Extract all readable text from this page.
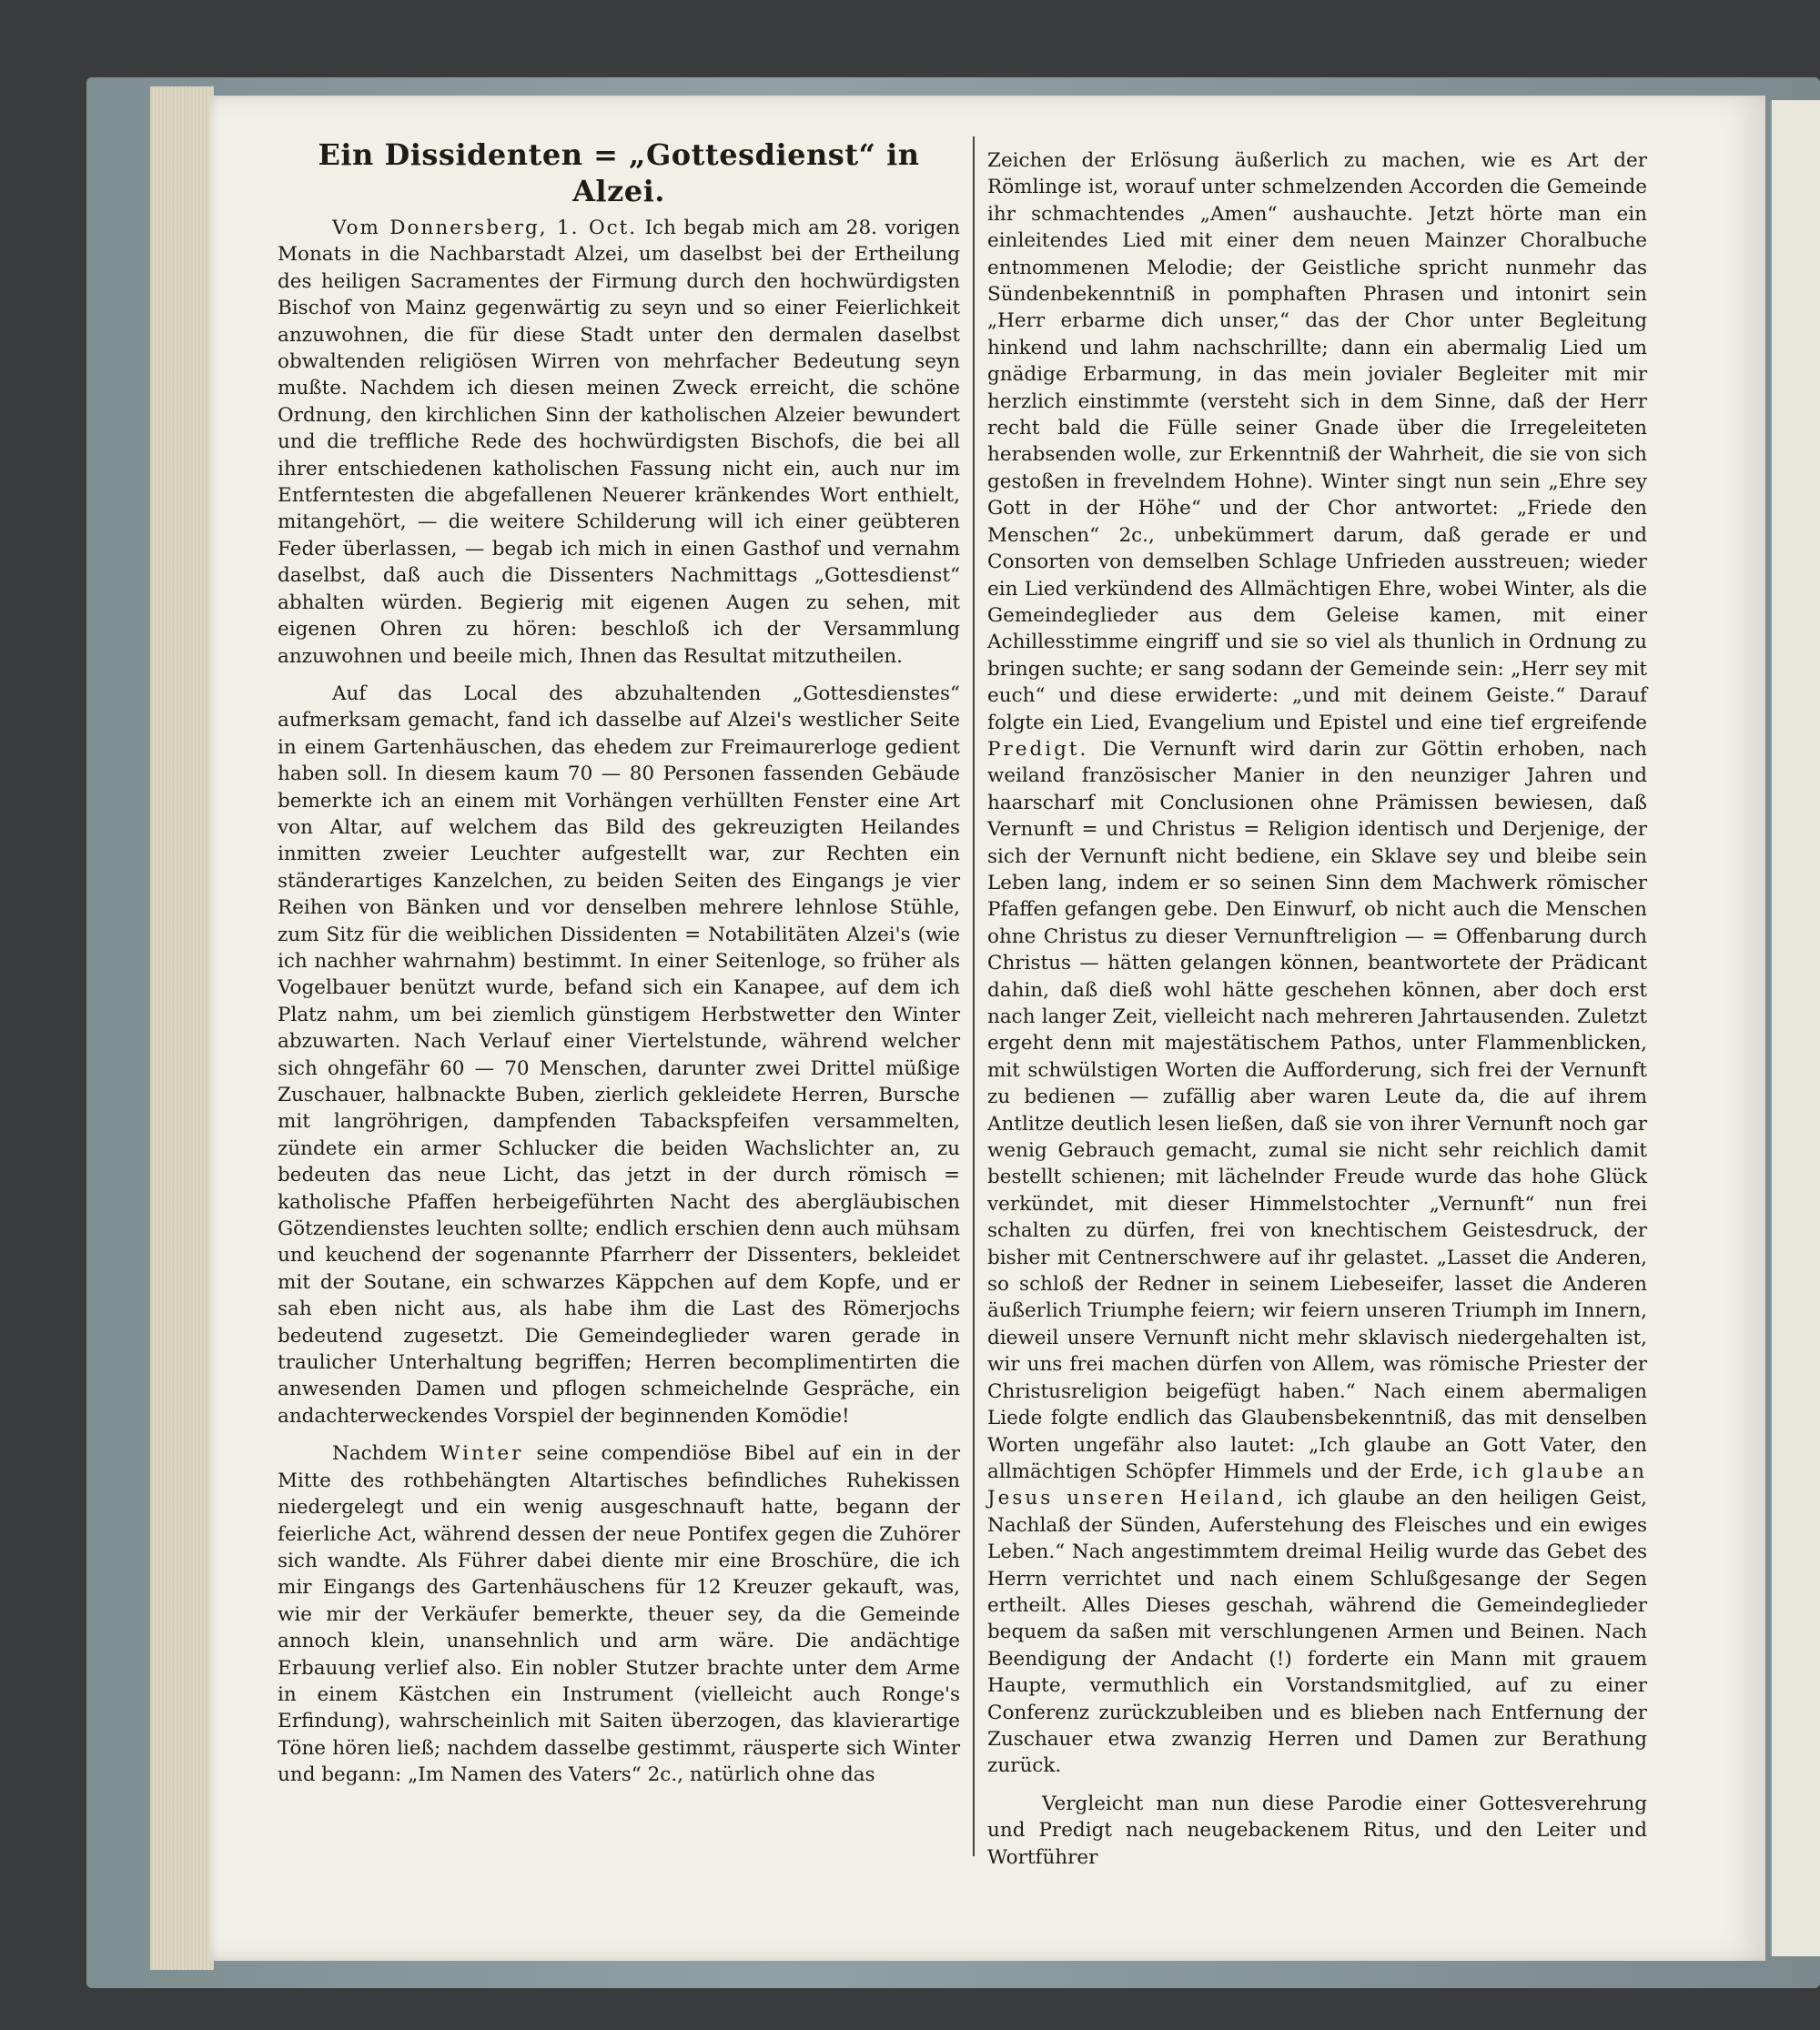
Ein Dissidenten = „Gottesdienst“ in Alzei.

Vom Donnersberg, 1. Oct. Ich begab mich am 28. vorigen Monats in die Nachbarstadt Alzei, um daselbst bei der Ertheilung des heiligen Sacramentes der Firmung durch den hochwürdigsten Bischof von Mainz gegenwärtig zu seyn und so einer Feierlichkeit anzuwohnen, die für diese Stadt unter den dermalen daselbst obwaltenden religiösen Wirren von mehrfacher Bedeutung seyn mußte. Nachdem ich diesen meinen Zweck erreicht, die schöne Ordnung, den kirchlichen Sinn der katholischen Alzeier bewundert und die treffliche Rede des hochwürdigsten Bischofs, die bei all ihrer entschiedenen katholischen Fassung nicht ein, auch nur im Entferntesten die abgefallenen Neuerer kränkendes Wort enthielt, mitangehört, — die weitere Schilderung will ich einer geübteren Feder überlassen, — begab ich mich in einen Gasthof und vernahm daselbst, daß auch die Dissenters Nachmittags „Gottesdienst“ abhalten würden. Begierig mit eigenen Augen zu sehen, mit eigenen Ohren zu hören: beschloß ich der Versammlung anzuwohnen und beeile mich, Ihnen das Resultat mitzutheilen.

Auf das Local des abzuhaltenden „Gottesdienstes“ aufmerksam gemacht, fand ich dasselbe auf Alzei's westlicher Seite in einem Gartenhäuschen, das ehedem zur Freimaurerloge gedient haben soll. In diesem kaum 70 — 80 Personen fassenden Gebäude bemerkte ich an einem mit Vorhängen verhüllten Fenster eine Art von Altar, auf welchem das Bild des gekreuzigten Heilandes inmitten zweier Leuchter aufgestellt war, zur Rechten ein ständerartiges Kanzelchen, zu beiden Seiten des Eingangs je vier Reihen von Bänken und vor denselben mehrere lehnlose Stühle, zum Sitz für die weiblichen Dissidenten = Notabilitäten Alzei's (wie ich nachher wahrnahm) bestimmt. In einer Seitenloge, so früher als Vogelbauer benützt wurde, befand sich ein Kanapee, auf dem ich Platz nahm, um bei ziemlich günstigem Herbstwetter den Winter abzuwarten. Nach Verlauf einer Viertelstunde, während welcher sich ohngefähr 60 — 70 Menschen, darunter zwei Drittel müßige Zuschauer, halbnackte Buben, zierlich gekleidete Herren, Bursche mit langröhrigen, dampfenden Tabackspfeifen versammelten, zündete ein armer Schlucker die beiden Wachslichter an, zu bedeuten das neue Licht, das jetzt in der durch römisch = katholische Pfaffen herbeigeführten Nacht des abergläubischen Götzendienstes leuchten sollte; endlich erschien denn auch mühsam und keuchend der sogenannte Pfarrherr der Dissenters, bekleidet mit der Soutane, ein schwarzes Käppchen auf dem Kopfe, und er sah eben nicht aus, als habe ihm die Last des Römerjochs bedeutend zugesetzt. Die Gemeindeglieder waren gerade in traulicher Unterhaltung begriffen; Herren becomplimentirten die anwesenden Damen und pflogen schmeichelnde Gespräche, ein andachterweckendes Vorspiel der beginnenden Komödie!

Nachdem Winter seine compendiöse Bibel auf ein in der Mitte des rothbehängten Altartisches befindliches Ruhekissen niedergelegt und ein wenig ausgeschnauft hatte, begann der feierliche Act, während dessen der neue Pontifex gegen die Zuhörer sich wandte. Als Führer dabei diente mir eine Broschüre, die ich mir Eingangs des Gartenhäuschens für 12 Kreuzer gekauft, was, wie mir der Verkäufer bemerkte, theuer sey, da die Gemeinde annoch klein, unansehnlich und arm wäre. Die andächtige Erbauung verlief also. Ein nobler Stutzer brachte unter dem Arme in einem Kästchen ein Instrument (vielleicht auch Ronge's Erfindung), wahrscheinlich mit Saiten überzogen, das klavierartige Töne hören ließ; nachdem dasselbe gestimmt, räusperte sich Winter und begann: „Im Namen des Vaters“ 2c., natürlich ohne das

Zeichen der Erlösung äußerlich zu machen, wie es Art der Römlinge ist, worauf unter schmelzenden Accorden die Gemeinde ihr schmachtendes „Amen“ aushauchte. Jetzt hörte man ein einleitendes Lied mit einer dem neuen Mainzer Choralbuche entnommenen Melodie; der Geistliche spricht nunmehr das Sündenbekenntniß in pomphaften Phrasen und intonirt sein „Herr erbarme dich unser,“ das der Chor unter Begleitung hinkend und lahm nachschrillte; dann ein abermalig Lied um gnädige Erbarmung, in das mein jovialer Begleiter mit mir herzlich einstimmte (versteht sich in dem Sinne, daß der Herr recht bald die Fülle seiner Gnade über die Irregeleiteten herabsenden wolle, zur Erkenntniß der Wahrheit, die sie von sich gestoßen in frevelndem Hohne). Winter singt nun sein „Ehre sey Gott in der Höhe“ und der Chor antwortet: „Friede den Menschen“ 2c., unbekümmert darum, daß gerade er und Consorten von demselben Schlage Unfrieden ausstreuen; wieder ein Lied verkündend des Allmächtigen Ehre, wobei Winter, als die Gemeindeglieder aus dem Geleise kamen, mit einer Achillesstimme eingriff und sie so viel als thunlich in Ordnung zu bringen suchte; er sang sodann der Gemeinde sein: „Herr sey mit euch“ und diese erwiderte: „und mit deinem Geiste.“ Darauf folgte ein Lied, Evangelium und Epistel und eine tief ergreifende Predigt. Die Vernunft wird darin zur Göttin erhoben, nach weiland französischer Manier in den neunziger Jahren und haarscharf mit Conclusionen ohne Prämissen bewiesen, daß Vernunft = und Christus = Religion identisch und Derjenige, der sich der Vernunft nicht bediene, ein Sklave sey und bleibe sein Leben lang, indem er so seinen Sinn dem Machwerk römischer Pfaffen gefangen gebe. Den Einwurf, ob nicht auch die Menschen ohne Christus zu dieser Vernunftreligion — = Offenbarung durch Christus — hätten gelangen können, beantwortete der Prädicant dahin, daß dieß wohl hätte geschehen können, aber doch erst nach langer Zeit, vielleicht nach mehreren Jahrtausenden. Zuletzt ergeht denn mit majestätischem Pathos, unter Flammenblicken, mit schwülstigen Worten die Aufforderung, sich frei der Vernunft zu bedienen — zufällig aber waren Leute da, die auf ihrem Antlitze deutlich lesen ließen, daß sie von ihrer Vernunft noch gar wenig Gebrauch gemacht, zumal sie nicht sehr reichlich damit bestellt schienen; mit lächelnder Freude wurde das hohe Glück verkündet, mit dieser Himmelstochter „Vernunft“ nun frei schalten zu dürfen, frei von knechtischem Geistesdruck, der bisher mit Centnerschwere auf ihr gelastet. „Lasset die Anderen, so schloß der Redner in seinem Liebeseifer, lasset die Anderen äußerlich Triumphe feiern; wir feiern unseren Triumph im Innern, dieweil unsere Vernunft nicht mehr sklavisch niedergehalten ist, wir uns frei machen dürfen von Allem, was römische Priester der Christusreligion beigefügt haben.“ Nach einem abermaligen Liede folgte endlich das Glaubensbekenntniß, das mit denselben Worten ungefähr also lautet: „Ich glaube an Gott Vater, den allmächtigen Schöpfer Himmels und der Erde, ich glaube an Jesus unseren Heiland, ich glaube an den heiligen Geist, Nachlaß der Sünden, Auferstehung des Fleisches und ein ewiges Leben.“ Nach angestimmtem dreimal Heilig wurde das Gebet des Herrn verrichtet und nach einem Schlußgesange der Segen ertheilt. Alles Dieses geschah, während die Gemeindeglieder bequem da saßen mit verschlungenen Armen und Beinen. Nach Beendigung der Andacht (!) forderte ein Mann mit grauem Haupte, vermuthlich ein Vorstandsmitglied, auf zu einer Conferenz zurückzubleiben und es blieben nach Entfernung der Zuschauer etwa zwanzig Herren und Damen zur Berathung zurück.

Vergleicht man nun diese Parodie einer Gottesverehrung und Predigt nach neugebackenem Ritus, und den Leiter und Wortführer
